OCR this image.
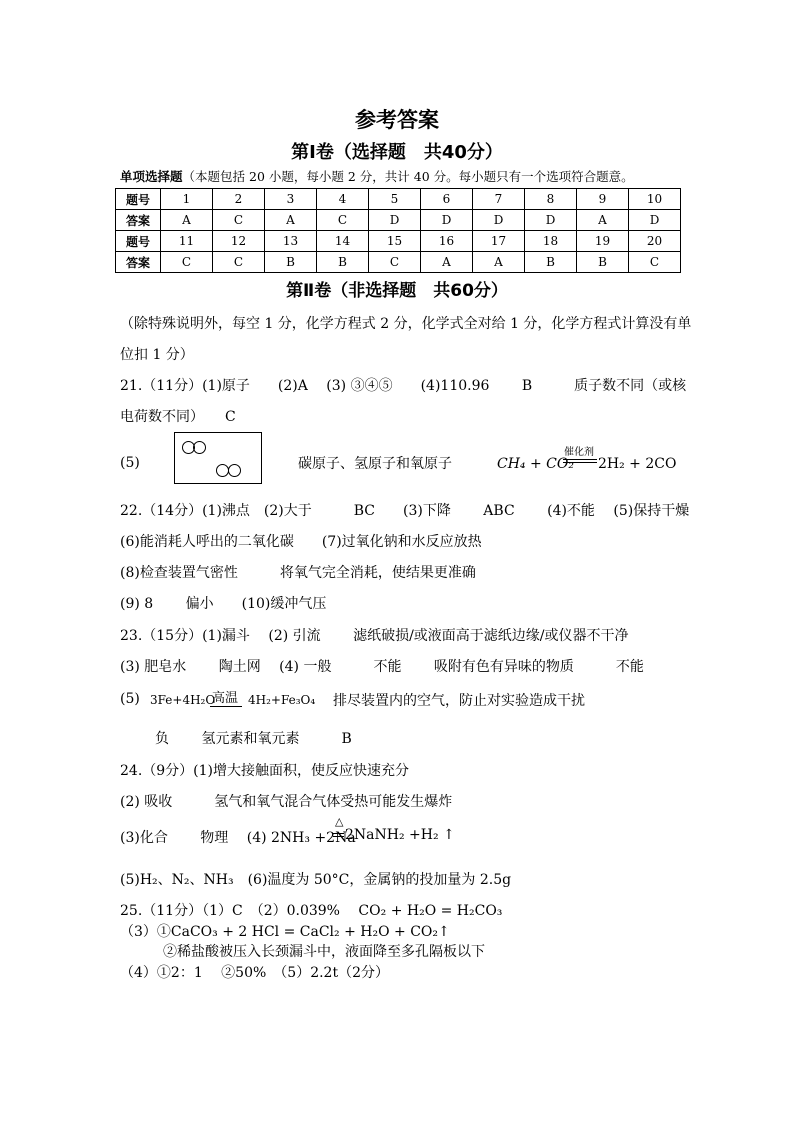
参考答案
第Ⅰ卷（选择题　共40分）
单项选择题（本题包括 20 小题，每小题 2 分，共计 40 分。每小题只有一个选项符合题意。
题号	1	2	3	4	5	6	7	8	9	10
答案	A	C	A	C	D	D	D	D	A	D
题号	11	12	13	14	15	16	17	18	19	20
答案	C	C	B	B	C	A	A	B	B	C
第Ⅱ卷（非选择题　共60分）
（除特殊说明外，每空 1 分，化学方程式 2 分，化学式全对给 1 分，化学方程式计算没有单
位扣 1 分）
21.（11分）(1)原子　　(2)A　 (3) ③④⑤　　(4)110.96　　 B　　　质子数不同（或核
电荷数不同）　　C
(5)	碳原子、氢原子和氧原子	CH₄ + CO₂
催化剂
2H₂ + 2CO
22.（14分）(1)沸点　(2)大于　　　BC　　(3)下降　　 ABC　　 (4)不能　 (5)保持干燥
(6)能消耗人呼出的二氧化碳　　(7)过氧化钠和水反应放热
(8)检查装置气密性　　　将氧气完全消耗，使结果更准确
(9) 8　　 偏小　　(10)缓冲气压
23.（15分）(1)漏斗　 (2) 引流　　 滤纸破损/或液面高于滤纸边缘/或仪器不干净
(3) 肥皂水　　 陶土网　 (4) 一般　　　不能　　 吸附有色有异味的物质　　　不能
(5) 3Fe+4H₂O
高温 4H₂+Fe₃O₄ 排尽装置内的空气，防止对实验造成干扰
负　　 氢元素和氧元素　　　B
24.（9分）(1)增大接触面积，使反应快速充分
(2) 吸收　　　氢气和氧气混合气体受热可能发生爆炸
(3)化合　　 物理　 (4) 2NH₃ +2Na
△
2NaNH₂ +H₂ ↑
(5)H₂、N₂、NH₃　(6)温度为 50°C，金属钠的投加量为 2.5g
25.（11分）（1）C　（2）0.039%　 CO₂ + H₂O = H₂CO₃
（3）①CaCO₃ + 2 HCl = CaCl₂ + H₂O + CO₂↑
②稀盐酸被压入长颈漏斗中，液面降至多孔隔板以下
（4）①2：1　 ②50%　（5）2.2t（2分）
